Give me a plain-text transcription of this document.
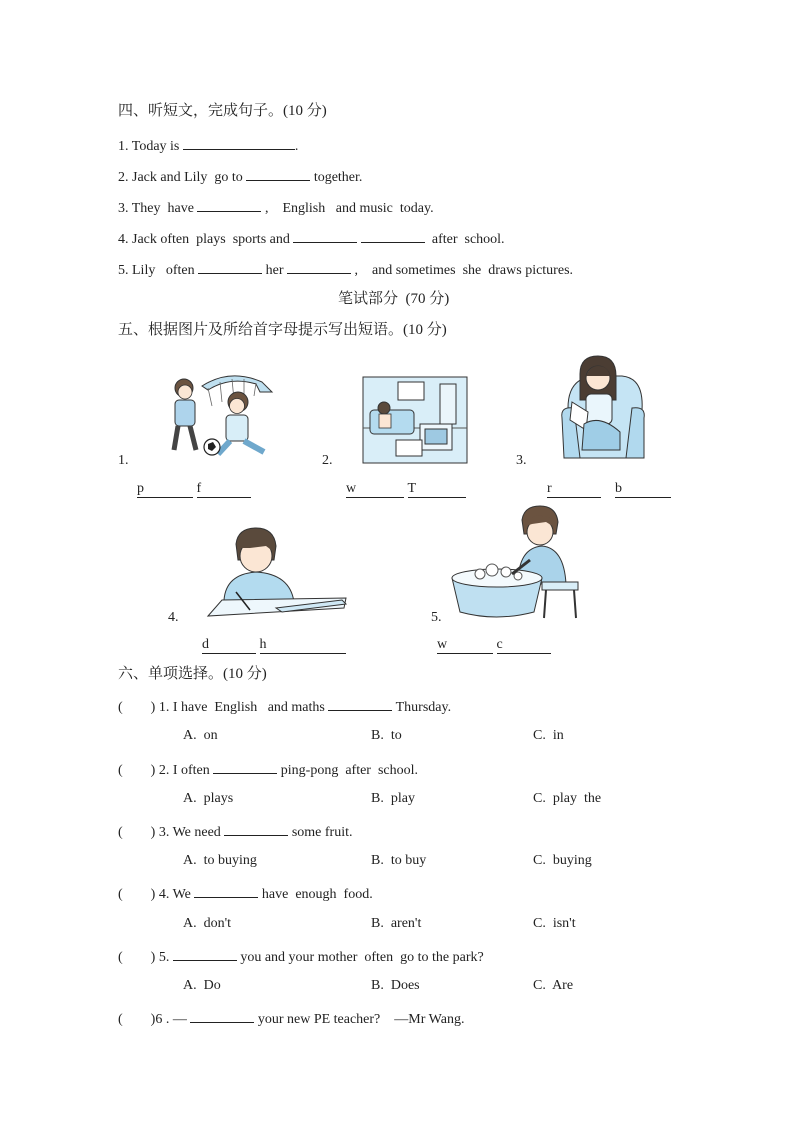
四、听短文，完成句子。(10 分)
1. Today is	.
2. Jack and Lily  go to	together.
3. They  have	,    English   and music  today.
4. Jack often  plays  sports and	after  school.
5. Lily   often	her	,    and sometimes  she  draws pictures.
笔试部分  (70 分)
五、根据图片及所给首字母提示写出短语。(10 分)
1.	2.	3.
4.	5.
p	f	w	T	r	b
d	h	w	c
六、单项选择。(10 分)
(        ) 1. I have  English   and maths	Thursday.
A.  on	B.  to	C.  in
(        ) 2. I often	ping-pong  after  school.
A.  plays	B.  play	C.  play  the
(        ) 3. We need	some fruit.
A.  to buying	B.  to buy	C.  buying
(        ) 4. We	have  enough  food.
A.  don't	B.  aren't	C.  isn't
(        ) 5.	you and your mother  often  go to the park?
A.  Do	B.  Does	C.  Are
(        )6 . —	your new PE teacher?    —Mr Wang.
